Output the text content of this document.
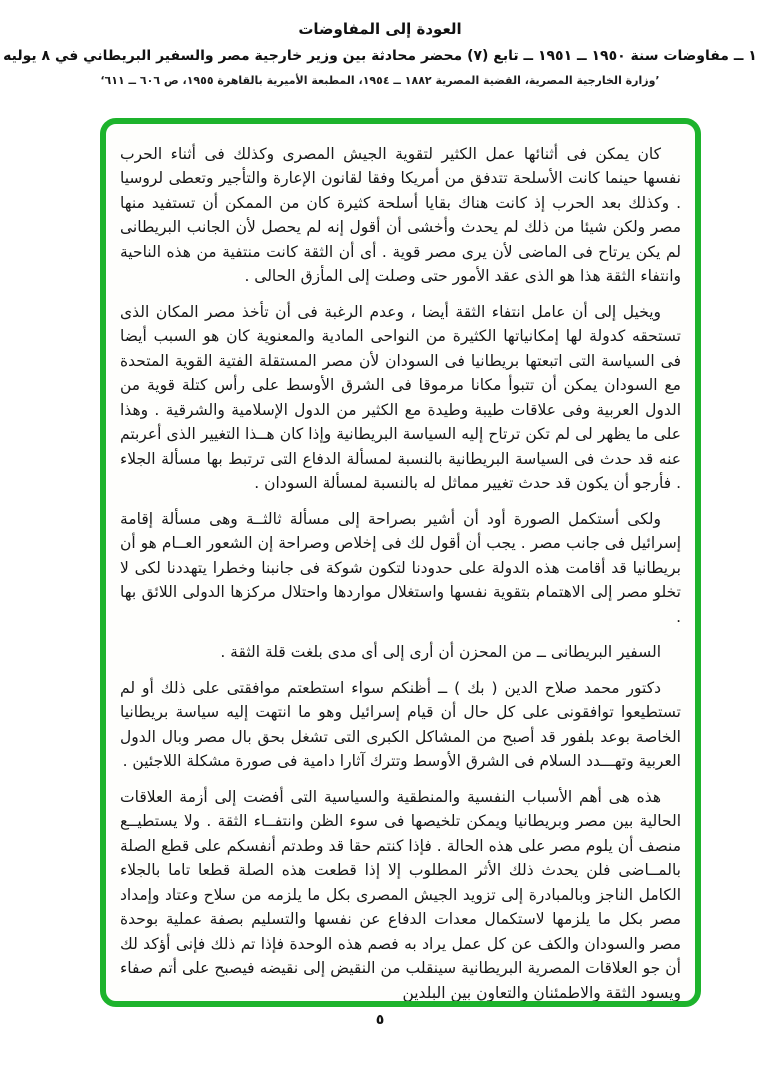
العودة إلى المفاوضات
١ ــ مفاوضات سنة ١٩٥٠ ــ ١٩٥١ ــ تابع (٧) محضر محادثة بين وزير خارجية مصر والسفير البريطاني في ٨ يوليه
’وزارة الخارجية المصرية، القضية المصرية ١٨٨٢ ــ ١٩٥٤، المطبعة الأميرية بالقاهرة ١٩٥٥، ص ٦٠٦ ــ ٦١١‘

كان يمكن فى أثنائها عمل الكثير لتقوية الجيش المصرى وكذلك فى أثناء الحرب نفسها حينما كانت الأسلحة تتدفق من أمريكا وفقا لقانون الإعارة والتأجير وتعطى لروسيا . وكذلك بعد الحرب إذ كانت هناك بقايا أسلحة كثيرة كان من الممكن أن تستفيد منها مصر ولكن شيئا من ذلك لم يحدث وأخشى أن أقول إنه لم يحصل لأن الجانب البريطانى لم يكن يرتاح فى الماضى لأن يرى مصر قوية . أى أن الثقة كانت منتفية من هذه الناحية وانتفاء الثقة هذا هو الذى عقد الأمور حتى وصلت إلى المأزق الحالى .

ويخيل إلى أن عامل انتفاء الثقة أيضا ، وعدم الرغبة فى أن تأخذ مصر المكان الذى تستحقه كدولة لها إمكانياتها الكثيرة من النواحى المادية والمعنوية كان هو السبب أيضا فى السياسة التى اتبعتها بريطانيا فى السودان لأن مصر المستقلة الفتية القوية المتحدة مع السودان يمكن أن تتبوأ مكانا مرموقا فى الشرق الأوسط على رأس كتلة قوية من الدول العربية وفى علاقات طيبة وطيدة مع الكثير من الدول الإسلامية والشرقية . وهذا على ما يظهر لى لم تكن ترتاح إليه السياسة البريطانية وإذا كان هــذا التغيير الذى أعربتم عنه قد حدث فى السياسة البريطانية بالنسبة لمسألة الدفاع التى ترتبط بها مسألة الجلاء . فأرجو أن يكون قد حدث تغيير مماثل له بالنسبة لمسألة السودان .

ولكى أستكمل الصورة أود أن أشير بصراحة إلى مسألة ثالثــة وهى مسألة إقامة إسرائيل فى جانب مصر . يجب أن أقول لك فى إخلاص وصراحة إن الشعور العــام هو أن بريطانيا قد أقامت هذه الدولة على حدودنا لتكون شوكة فى جانبنا وخطرا يتهددنا لكى لا تخلو مصر إلى الاهتمام بتقوية نفسها واستغلال مواردها واحتلال مركزها الدولى اللائق بها .

السفير البريطانى ــ من المحزن أن أرى إلى أى مدى بلغت قلة الثقة .

دكتور محمد صلاح الدين ( بك ) ــ أظنكم سواء استطعتم موافقتى على ذلك أو لم تستطيعوا توافقونى على كل حال أن قيام إسرائيل وهو ما انتهت إليه سياسة بريطانيا الخاصة بوعد بلفور قد أصبح من المشاكل الكبرى التى تشغل بحق بال مصر وبال الدول العربية وتهـــدد السلام فى الشرق الأوسط وتترك آثارا دامية فى صورة مشكلة اللاجئين .

هذه هى أهم الأسباب النفسية والمنطقية والسياسية التى أفضت إلى أزمة العلاقات الحالية بين مصر وبريطانيا ويمكن تلخيصها فى سوء الظن وانتفــاء الثقة . ولا يستطيــع منصف أن يلوم مصر على هذه الحالة . فإذا كنتم حقا قد وطدتم أنفسكم على قطع الصلة بالمــاضى فلن يحدث ذلك الأثر المطلوب إلا إذا قطعت هذه الصلة قطعا تاما بالجلاء الكامل الناجز وبالمبادرة إلى تزويد الجيش المصرى بكل ما يلزمه من سلاح وعتاد وإمداد مصر بكل ما يلزمها لاستكمال معدات الدفاع عن نفسها والتسليم بصفة عملية بوحدة مصر والسودان والكف عن كل عمل يراد به فصم هذه الوحدة فإذا تم ذلك فإنى أؤكد لك أن جو العلاقات المصرية البريطانية سينقلب من النقيض إلى نقيضه فيصبح على أتم صفاء ويسود الثقة والاطمئنان والتعاون بين البلدين

٥
